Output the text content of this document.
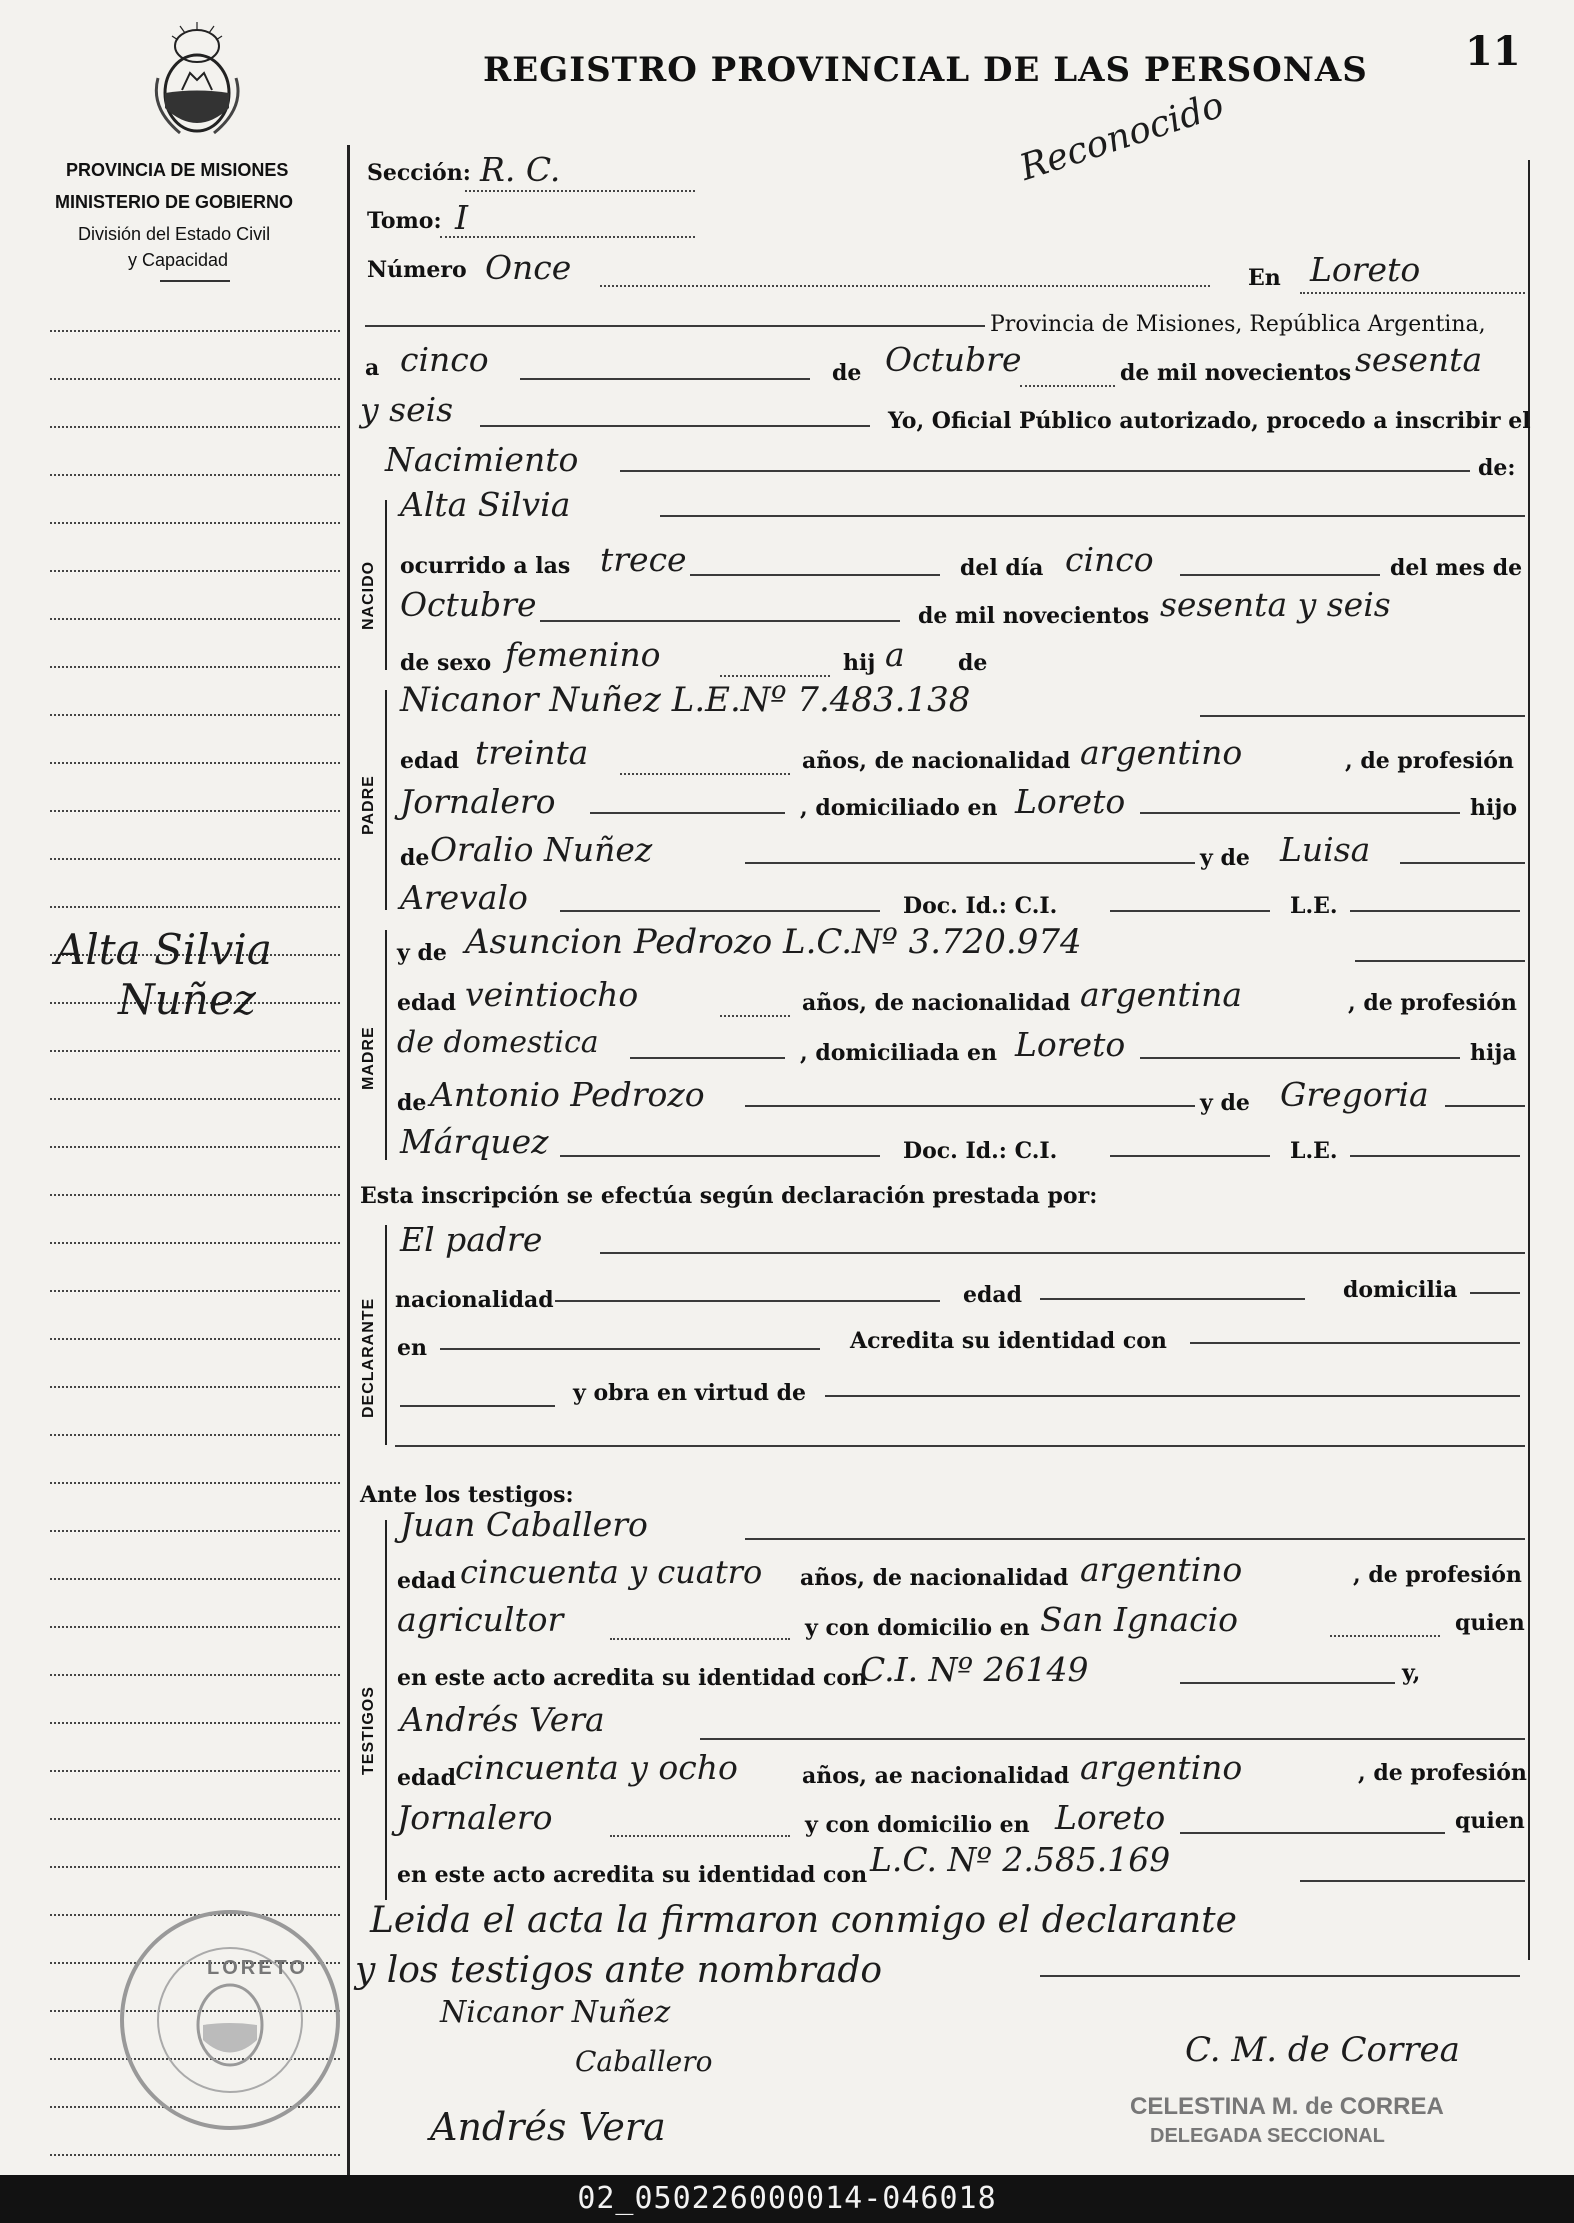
REGISTRO PROVINCIAL DE LAS PERSONAS 11
Reconocido
PROVINCIA DE MISIONES
MINISTERIO DE GOBIERNO
División del Estado Civil
y Capacidad
Alta Silvia
Nuñez
Sección: R. C.
Tomo: I
Número Once	En Loreto
Provincia de Misiones, República Argentina,
a cinco	de Octubre	de mil novecientos sesenta
y seis	Yo, Oficial Público autorizado, procedo a inscribir el
Nacimiento	de:
NACIDO
Alta Silvia
ocurrido a las trece	del día cinco	del mes de
Octubre	de mil novecientos sesenta y seis
de sexo femenino	hij a de
PADRE
Nicanor Nuñez L.E.Nº 7.483.138
edad treinta	años, de nacionalidad argentino	, de profesión
Jornalero	, domiciliado en Loreto	hijo
de Oralio Nuñez	y de Luisa
Arevalo	Doc. Id.: C.I.	L.E.
MADRE
y de Asuncion Pedrozo L.C.Nº 3.720.974
edad veintiocho	años, de nacionalidad argentina	, de profesión
de domestica	, domiciliada en Loreto	hija
de Antonio Pedrozo	y de Gregoria
Márquez	Doc. Id.: C.I.	L.E.
Esta inscripción se efectúa según declaración prestada por:
DECLARANTE
El padre
nacionalidad	edad	domicilia
en	Acredita su identidad con
y obra en virtud de
Ante los testigos:
TESTIGOS
Juan Caballero
edad cincuenta y cuatro años, de nacionalidad argentino	, de profesión
agricultor	y con domicilio en San Ignacio	quien
en este acto acredita su identidad con
C.I. Nº 26149	y,
Andrés Vera
edad
cincuenta y ocho	años, ae nacionalidad argentino	, de profesión
Jornalero	y con domicilio en Loreto	quien
en este acto acredita su identidad con L.C. Nº 2.585.169
Leida el acta la firmaron conmigo el declarante
y los testigos ante nombrado
Nicanor Nuñez
Caballero
Andrés Vera
C. M. de Correa
CELESTINA M. de CORREA
DELEGADA SECCIONAL
LORETO
02_050226000014-046018
